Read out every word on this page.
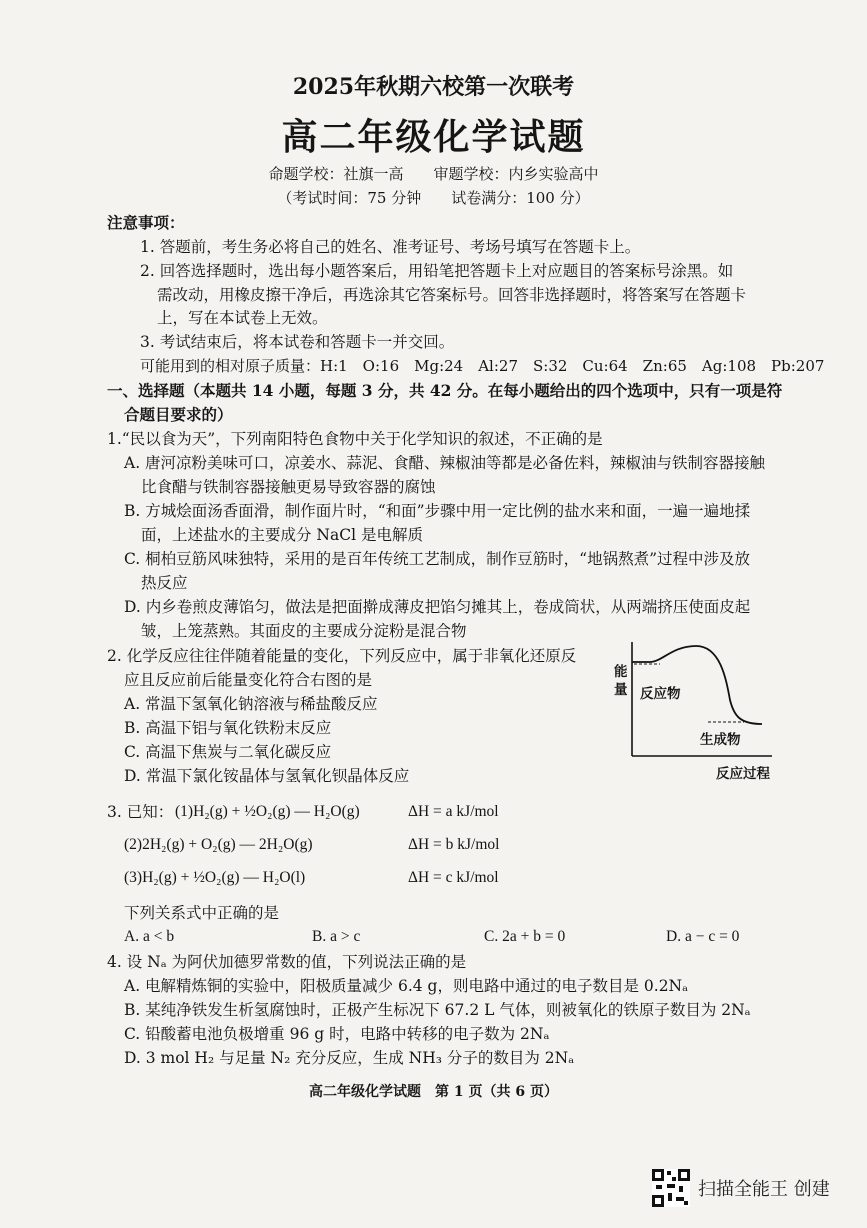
2025年秋期六校第一次联考
高二年级化学试题
命题学校：社旗一高　　审题学校：内乡实验高中
（考试时间：75 分钟　　试卷满分：100 分）
注意事项：
1. 答题前，考生务必将自己的姓名、准考证号、考场号填写在答题卡上。
2. 回答选择题时，选出每小题答案后，用铅笔把答题卡上对应题目的答案标号涂黑。如
需改动，用橡皮擦干净后，再选涂其它答案标号。回答非选择题时，将答案写在答题卡
上，写在本试卷上无效。
3. 考试结束后，将本试卷和答题卡一并交回。
可能用到的相对原子质量：H:1　O:16　Mg:24　Al:27　S:32　Cu:64　Zn:65　Ag:108　Pb:207
一、选择题（本题共 14 小题，每题 3 分，共 42 分。在每小题给出的四个选项中，只有一项是符
合题目要求的）
1.“民以食为天”，下列南阳特色食物中关于化学知识的叙述，不正确的是
A. 唐河凉粉美味可口，凉姜水、蒜泥、食醋、辣椒油等都是必备佐料，辣椒油与铁制容器接触
比食醋与铁制容器接触更易导致容器的腐蚀
B. 方城烩面汤香面滑，制作面片时，“和面”步骤中用一定比例的盐水来和面，一遍一遍地揉
面，上述盐水的主要成分 NaCl 是电解质
C. 桐柏豆筋风味独特，采用的是百年传统工艺制成，制作豆筋时，“地锅熬煮”过程中涉及放
热反应
D. 内乡卷煎皮薄馅匀，做法是把面擀成薄皮把馅匀摊其上，卷成筒状，从两端挤压使面皮起
皱，上笼蒸熟。其面皮的主要成分淀粉是混合物
2. 化学反应往往伴随着能量的变化，下列反应中，属于非氧化还原反
应且反应前后能量变化符合右图的是
A. 常温下氢氧化钠溶液与稀盐酸反应
B. 高温下铝与氧化铁粉末反应
C. 高温下焦炭与二氧化碳反应
D. 常温下氯化铵晶体与氢氧化钡晶体反应
能
量 反应物
生成物
反应过程
3. 已知： (1)H₂(g) + ½O₂(g) — H₂O(g)	ΔH = a kJ/mol
(2)2H₂(g) + O₂(g) — 2H₂O(g)	ΔH = b kJ/mol
(3)H₂(g) + ½O₂(g) — H₂O(l)	ΔH = c kJ/mol
下列关系式中正确的是
A. a < b	B. a > c	C. 2a + b = 0	D. a − c = 0
4. 设 Nₐ 为阿伏加德罗常数的值，下列说法正确的是
A. 电解精炼铜的实验中，阳极质量减少 6.4 g，则电路中通过的电子数目是 0.2Nₐ
B. 某纯净铁发生析氢腐蚀时，正极产生标况下 67.2 L 气体，则被氧化的铁原子数目为 2Nₐ
C. 铅酸蓄电池负极增重 96 g 时，电路中转移的电子数为 2Nₐ
D. 3 mol H₂ 与足量 N₂ 充分反应，生成 NH₃ 分子的数目为 2Nₐ
高二年级化学试题　第 1 页（共 6 页）
扫描全能王 创建
